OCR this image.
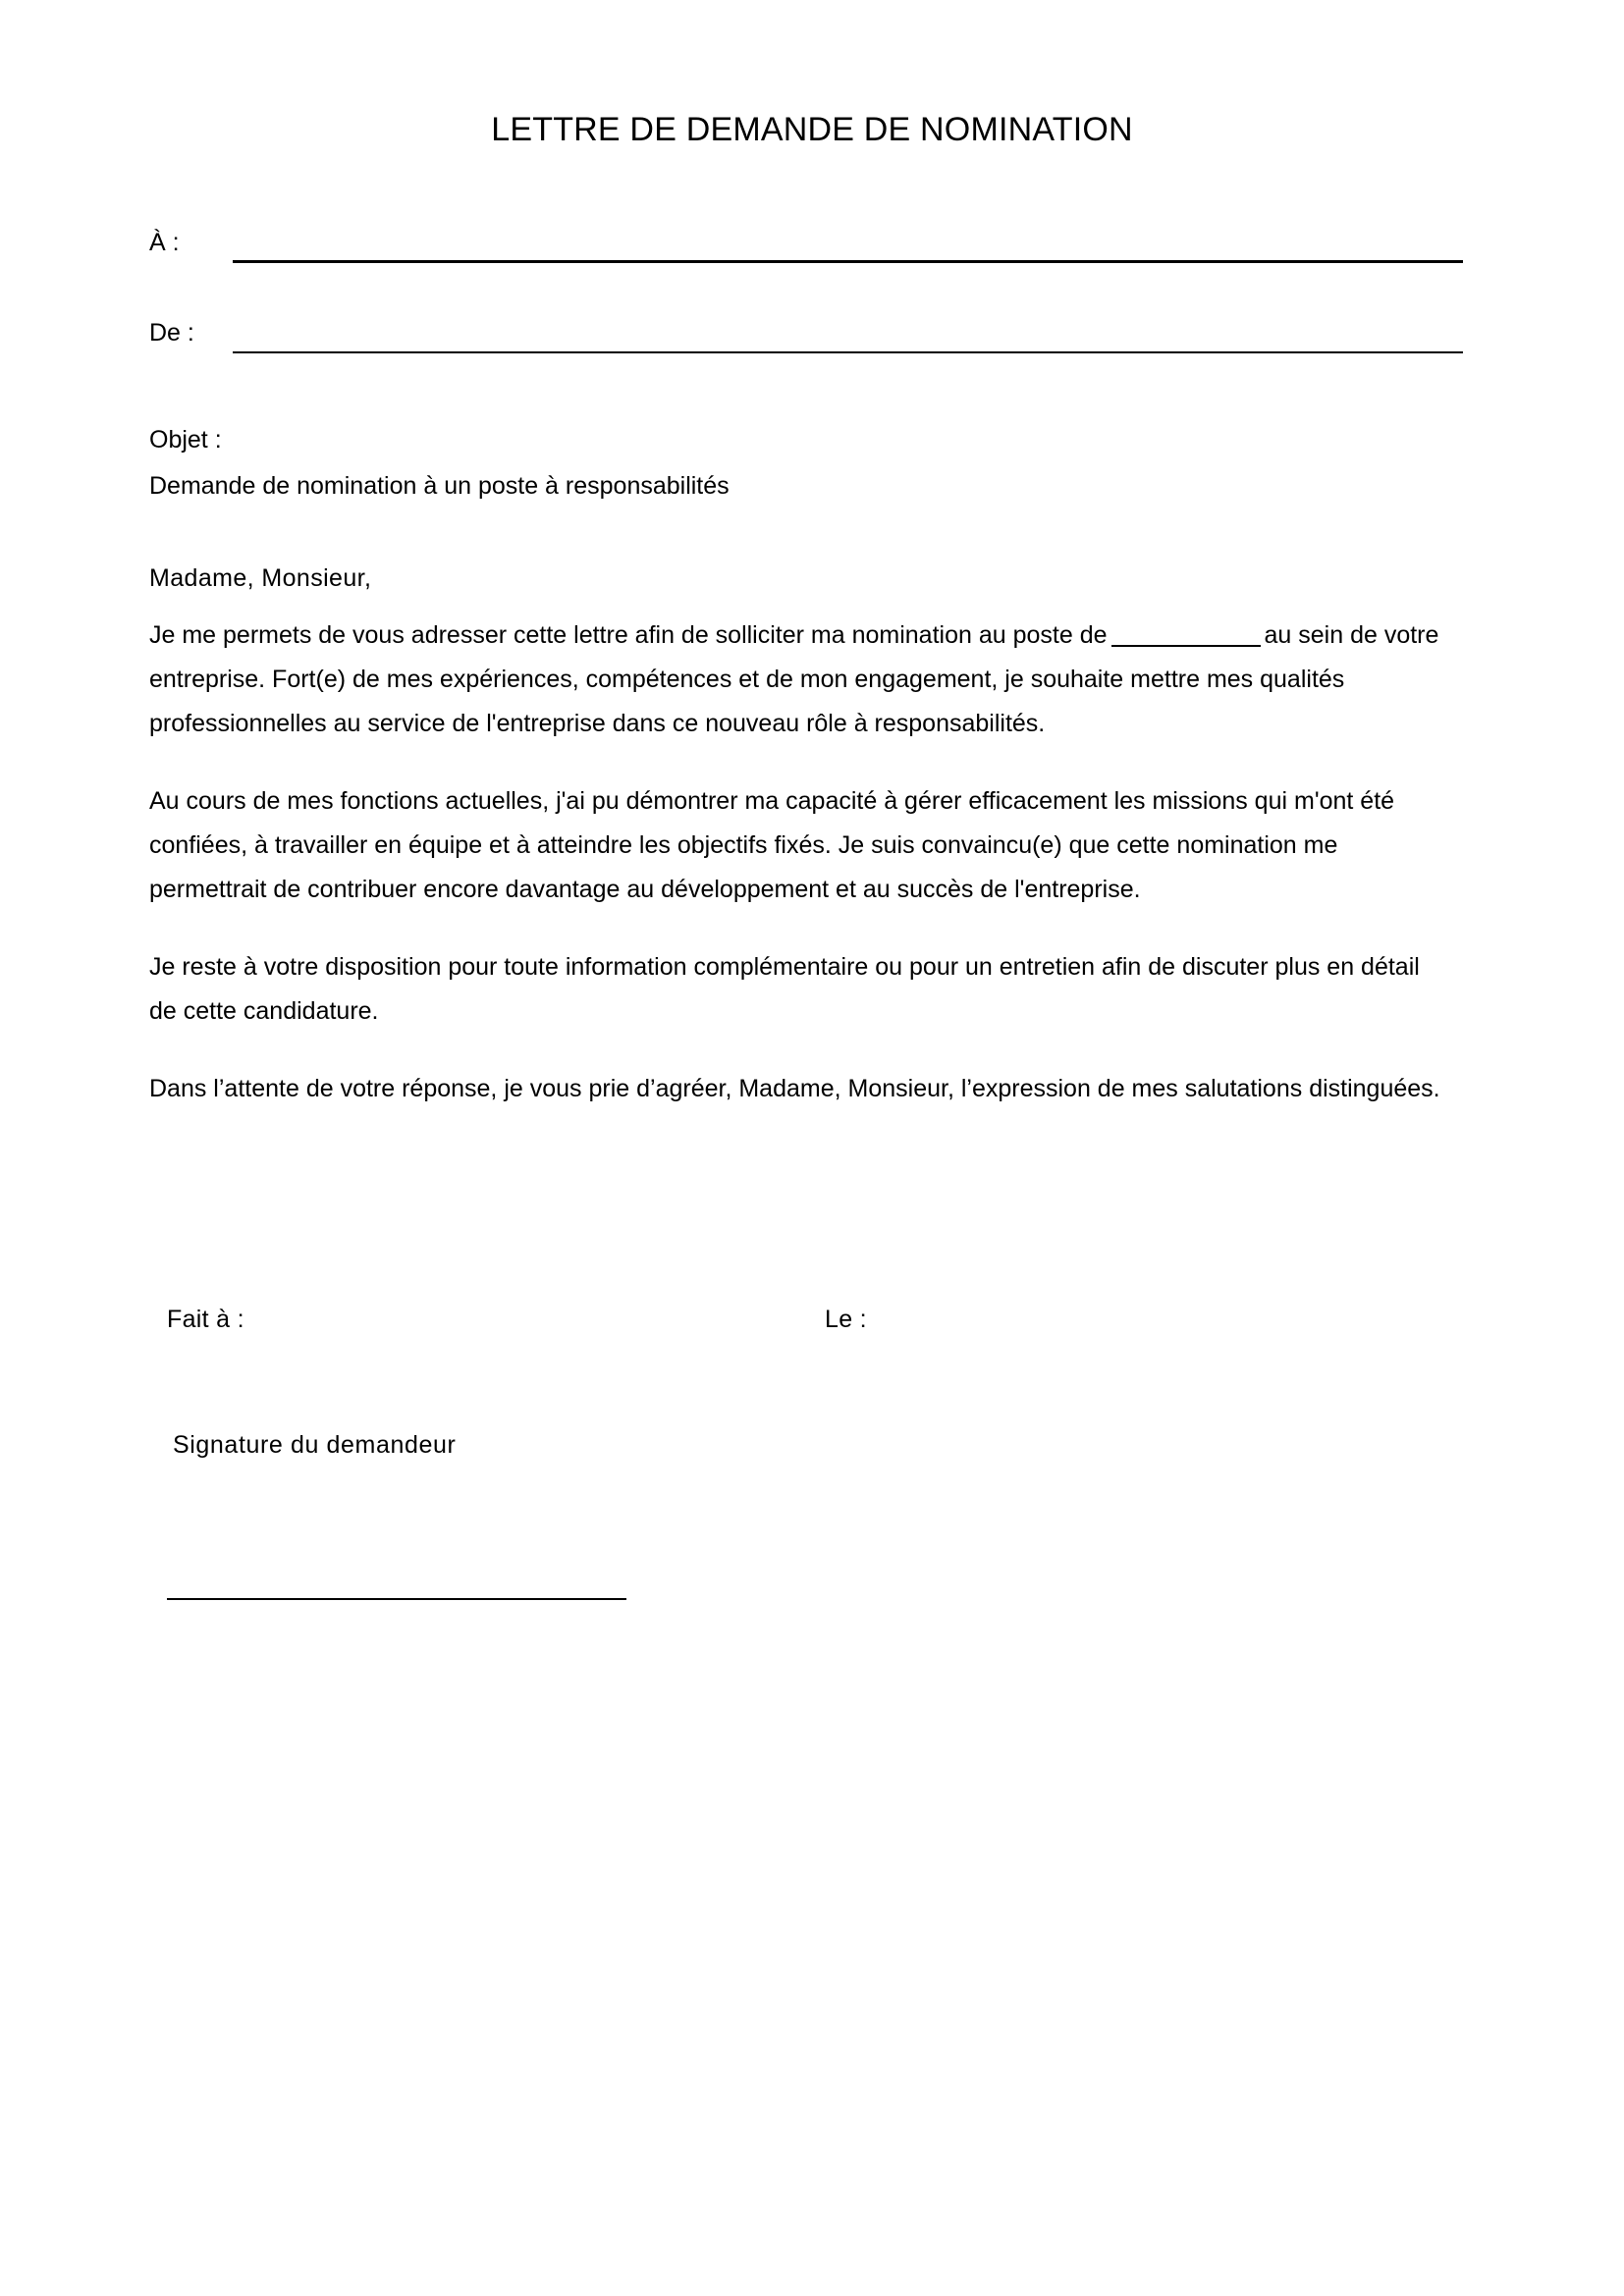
LETTRE DE DEMANDE DE NOMINATION
À :
De :
Objet :
Demande de nomination à un poste à responsabilités
Madame, Monsieur,

Je me permets de vous adresser cette lettre afin de solliciter ma nomination au poste de	au sein de votre entreprise. Fort(e) de mes expériences, compétences et de mon engagement, je souhaite mettre mes qualités professionnelles au service de l'entreprise dans ce nouveau rôle à responsabilités.

Au cours de mes fonctions actuelles, j'ai pu démontrer ma capacité à gérer efficacement les missions qui m'ont été confiées, à travailler en équipe et à atteindre les objectifs fixés. Je suis convaincu(e) que cette nomination me permettrait de contribuer encore davantage au développement et au succès de l'entreprise.

Je reste à votre disposition pour toute information complémentaire ou pour un entretien afin de discuter plus en détail de cette candidature.

Dans l’attente de votre réponse, je vous prie d’agréer, Madame, Monsieur, l’expression de mes salutations distinguées.

Fait à :	Le :
Signature du demandeur
